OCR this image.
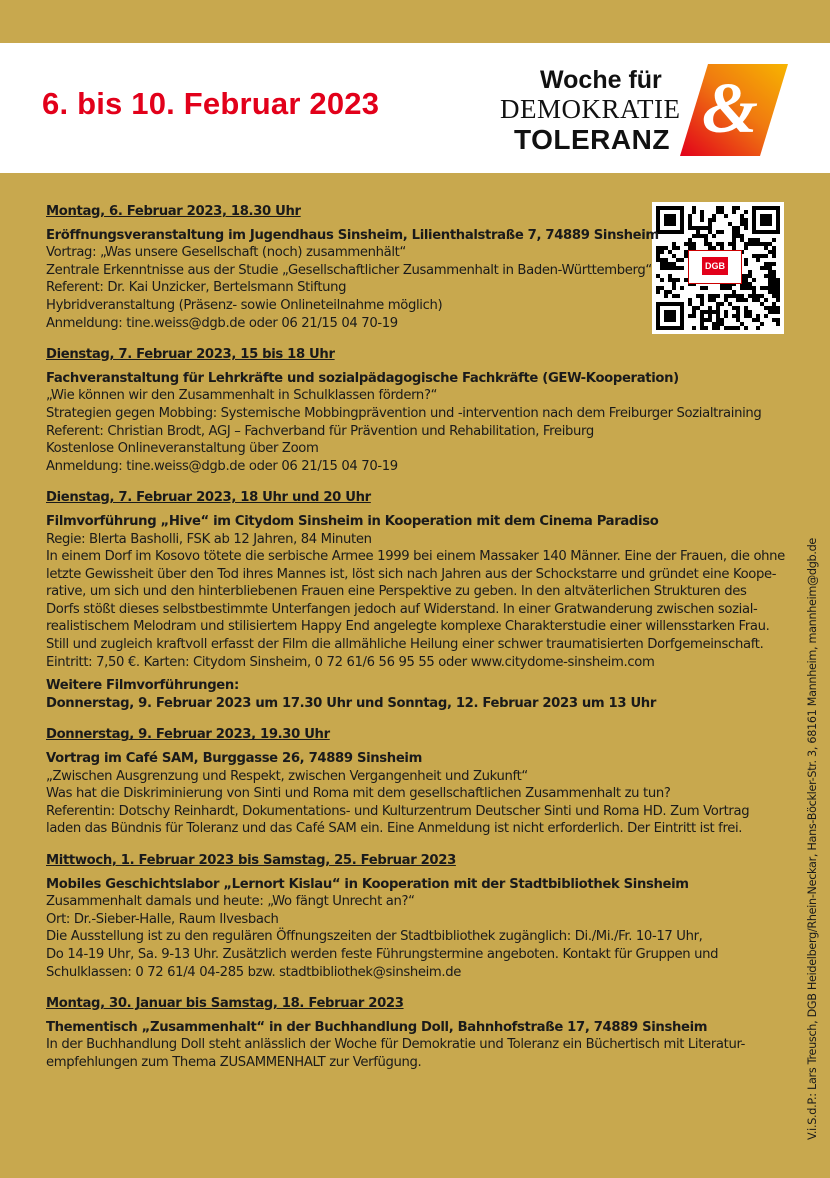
6. bis 10. Februar 2023	&
Woche für
DEMOKRATIE
TOLERANZ
DGB
Montag, 6. Februar 2023, 18.30 Uhr
Eröffnungsveranstaltung im Jugendhaus Sinsheim, Lilienthalstraße 7, 74889 Sinsheim
Vortrag: „Was unsere Gesellschaft (noch) zusammenhält“
Zentrale Erkenntnisse aus der Studie „Gesellschaftlicher Zusammenhalt in Baden-Württemberg“
Referent: Dr. Kai Unzicker, Bertelsmann Stiftung
Hybridveranstaltung (Präsenz- sowie Onlineteilnahme möglich)
Anmeldung: tine.weiss@dgb.de oder 06 21/15 04 70-19
Dienstag, 7. Februar 2023, 15 bis 18 Uhr
Fachveranstaltung für Lehrkräfte und sozialpädagogische Fachkräfte (GEW-Kooperation)
„Wie können wir den Zusammenhalt in Schulklassen fördern?“
Strategien gegen Mobbing: Systemische Mobbingprävention und -intervention nach dem Freiburger Sozialtraining
Referent: Christian Brodt, AGJ – Fachverband für Prävention und Rehabilitation, Freiburg
Kostenlose Onlineveranstaltung über Zoom
Anmeldung: tine.weiss@dgb.de oder 06 21/15 04 70-19
Dienstag, 7. Februar 2023, 18 Uhr und 20 Uhr
Filmvorführung „Hive“ im Citydom Sinsheim in Kooperation mit dem Cinema Paradiso
Regie: Blerta Basholli, FSK ab 12 Jahren, 84 Minuten
In einem Dorf im Kosovo tötete die serbische Armee 1999 bei einem Massaker 140 Männer. Eine der Frauen, die ohne
letzte Gewissheit über den Tod ihres Mannes ist, löst sich nach Jahren aus der Schockstarre und gründet eine Koope-
rative, um sich und den hinterbliebenen Frauen eine Perspektive zu geben. In den altväterlichen Strukturen des
Dorfs stößt dieses selbstbestimmte Unterfangen jedoch auf Widerstand. In einer Gratwanderung zwischen sozial-
realistischem Melodram und stilisiertem Happy End angelegte komplexe Charakterstudie einer willensstarken Frau.
Still und zugleich kraftvoll erfasst der Film die allmähliche Heilung einer schwer traumatisierten Dorfgemeinschaft.
Eintritt: 7,50 €. Karten: Citydom Sinsheim, 0 72 61/6 56 95 55 oder www.citydome-sinsheim.com
Weitere Filmvorführungen:
Donnerstag, 9. Februar 2023 um 17.30 Uhr und Sonntag, 12. Februar 2023 um 13 Uhr
Donnerstag, 9. Februar 2023, 19.30 Uhr
Vortrag im Café SAM, Burggasse 26, 74889 Sinsheim
„Zwischen Ausgrenzung und Respekt, zwischen Vergangenheit und Zukunft“
Was hat die Diskriminierung von Sinti und Roma mit dem gesellschaftlichen Zusammenhalt zu tun?
Referentin: Dotschy Reinhardt, Dokumentations- und Kulturzentrum Deutscher Sinti und Roma HD. Zum Vortrag
laden das Bündnis für Toleranz und das Café SAM ein. Eine Anmeldung ist nicht erforderlich. Der Eintritt ist frei.
Mittwoch, 1. Februar 2023 bis Samstag, 25. Februar 2023
Mobiles Geschichtslabor „Lernort Kislau“ in Kooperation mit der Stadtbibliothek Sinsheim
Zusammenhalt damals und heute: „Wo fängt Unrecht an?“
Ort: Dr.-Sieber-Halle, Raum Ilvesbach
Die Ausstellung ist zu den regulären Öffnungszeiten der Stadtbibliothek zugänglich: Di./Mi./Fr. 10-17 Uhr,
Do 14-19 Uhr, Sa. 9-13 Uhr. Zusätzlich werden feste Führungstermine angeboten. Kontakt für Gruppen und
Schulklassen: 0 72 61/4 04-285 bzw. stadtbibliothek@sinsheim.de
Montag, 30. Januar bis Samstag, 18. Februar 2023
Thementisch „Zusammenhalt“ in der Buchhandlung Doll, Bahnhofstraße 17, 74889 Sinsheim
In der Buchhandlung Doll steht anlässlich der Woche für Demokratie und Toleranz ein Büchertisch mit Literatur-
empfehlungen zum Thema ZUSAMMENHALT zur Verfügung.	V.i.S.d.P.: Lars Treusch, DGB Heidelberg/Rhein-Neckar, Hans-Böckler-Str. 3, 68161 Mannheim, mannheim@dgb.de
